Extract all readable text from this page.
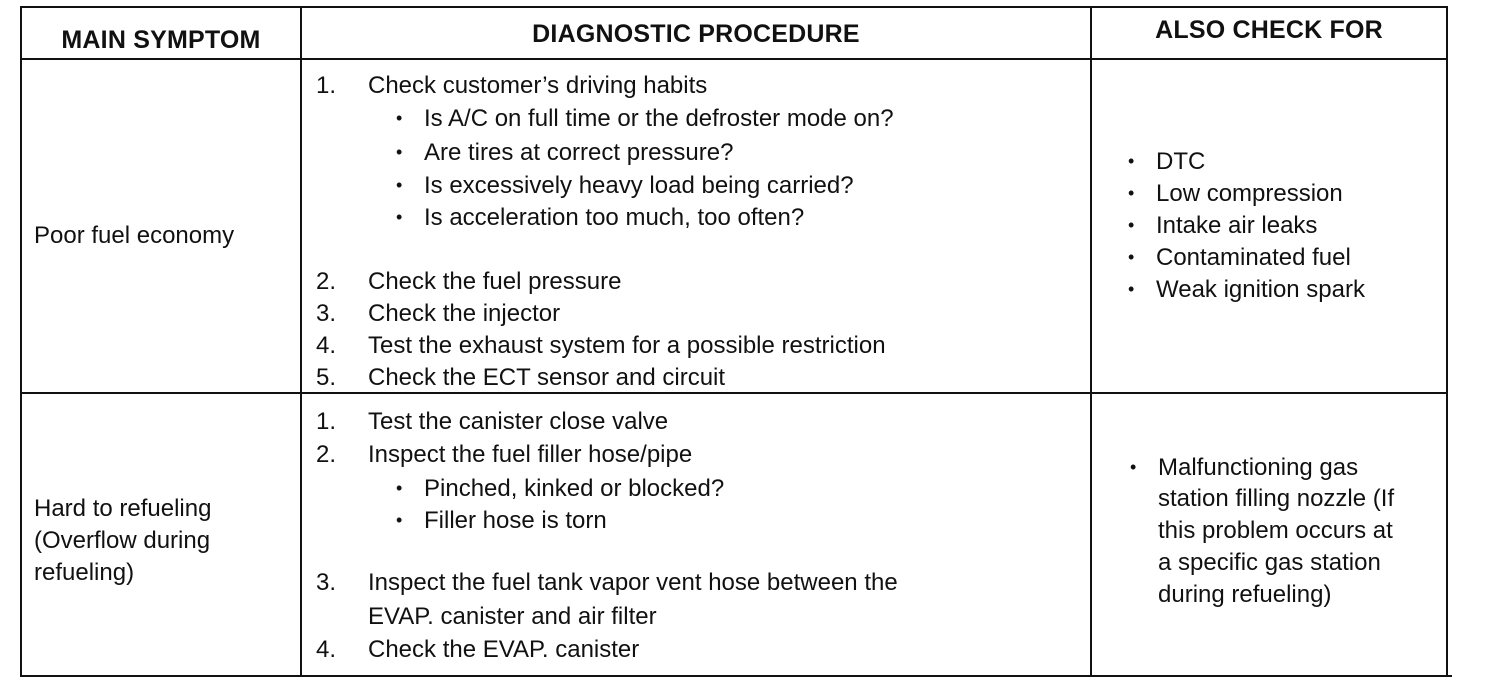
MAIN SYMPTOM	DIAGNOSTIC PROCEDURE	ALSO CHECK FOR
Poor fuel economy
1. Check customer’s driving habits
• Is A/C on full time or the defroster mode on?
• Are tires at correct pressure?
• Is excessively heavy load being carried?
• Is acceleration too much, too often?
2. Check the fuel pressure
3. Check the injector
4. Test the exhaust system for a possible restriction
5. Check the ECT sensor and circuit
• DTC
• Low compression
• Intake air leaks
• Contaminated fuel
• Weak ignition spark
Hard to refueling
(Overflow during
refueling)
1. Test the canister close valve
2. Inspect the fuel filler hose/pipe
• Pinched, kinked or blocked?
• Filler hose is torn
3. Inspect the fuel tank vapor vent hose between the
EVAP. canister and air filter
4. Check the EVAP. canister
• Malfunctioning gas
station filling nozzle (If
this problem occurs at
a specific gas station
during refueling)
